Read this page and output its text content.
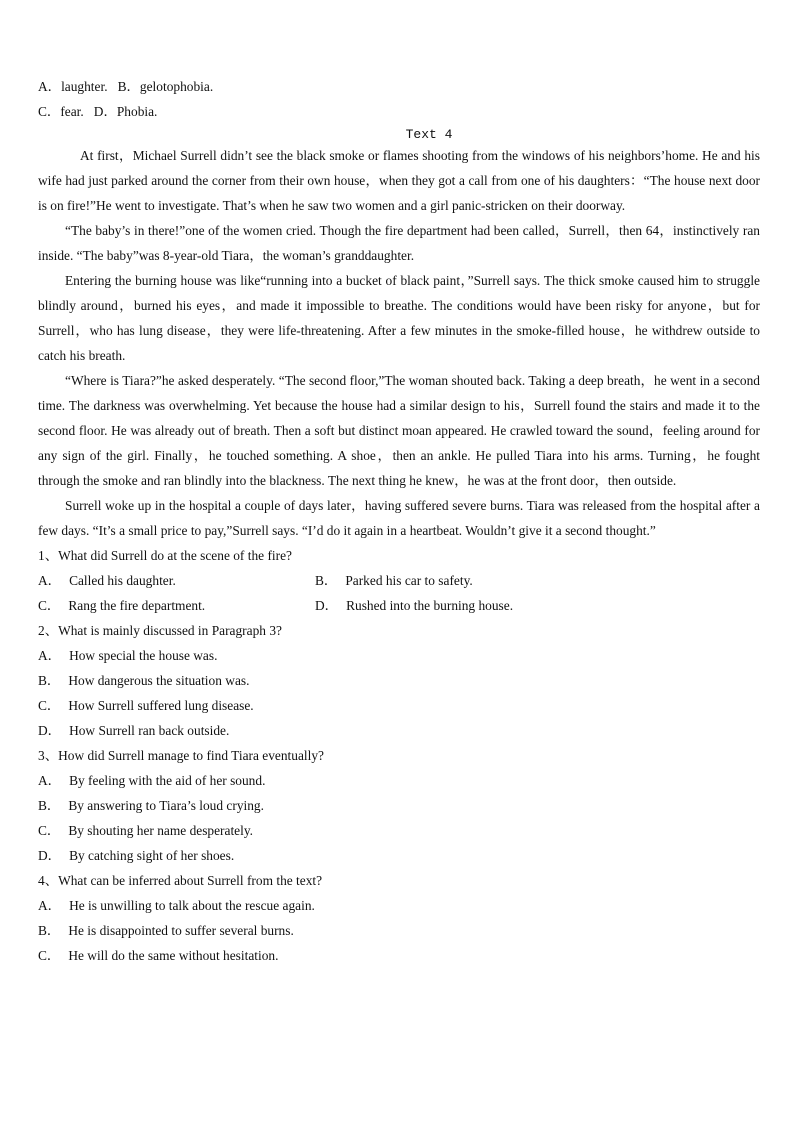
A．laughter. B．gelotophobia.
C．fear. D．Phobia.
Text 4
At first，Michael Surrell didn’t see the black smoke or flames shooting from the windows of his neighbors’home. He and his wife had just parked around the corner from their own house，when they got a call from one of his daughters：“The house next door is on fire!”He went to investigate. That’s when he saw two women and a girl panic-stricken on their doorway.
“The baby’s in there!”one of the women cried. Though the fire department had been called，Surrell，then 64，instinctively ran inside. “The baby”was 8-year-old Tiara，the woman’s granddaughter.
Entering the burning house was like“running into a bucket of black paint，”Surrell says. The thick smoke caused him to struggle blindly around，burned his eyes，and made it impossible to breathe. The conditions would have been risky for anyone，but for Surrell，who has lung disease，they were life-threatening. After a few minutes in the smoke-filled house，he withdrew outside to catch his breath.
“Where is Tiara?”he asked desperately. “The second floor,”The woman shouted back. Taking a deep breath，he went in a second time. The darkness was overwhelming. Yet because the house had a similar design to his，Surrell found the stairs and made it to the second floor. He was already out of breath. Then a soft but distinct moan appeared. He crawled toward the sound，feeling around for any sign of the girl. Finally，he touched something. A shoe，then an ankle. He pulled Tiara into his arms. Turning，he fought through the smoke and ran blindly into the blackness. The next thing he knew，he was at the front door，then outside.
Surrell woke up in the hospital a couple of days later，having suffered severe burns. Tiara was released from the hospital after a few days. “It’s a small price to pay,”Surrell says. “I’d do it again in a heartbeat. Wouldn’t give it a second thought.”
1、What did Surrell do at the scene of the fire?
A． Called his daughter.	B． Parked his car to safety.
C． Rang the fire department.	D． Rushed into the burning house.
2、What is mainly discussed in Paragraph 3?
A． How special the house was.
B． How dangerous the situation was.
C． How Surrell suffered lung disease.
D． How Surrell ran back outside.
3、How did Surrell manage to find Tiara eventually?
A． By feeling with the aid of her sound.
B． By answering to Tiara’s loud crying.
C． By shouting her name desperately.
D． By catching sight of her shoes.
4、What can be inferred about Surrell from the text?
A． He is unwilling to talk about the rescue again.
B． He is disappointed to suffer several burns.
C． He will do the same without hesitation.
